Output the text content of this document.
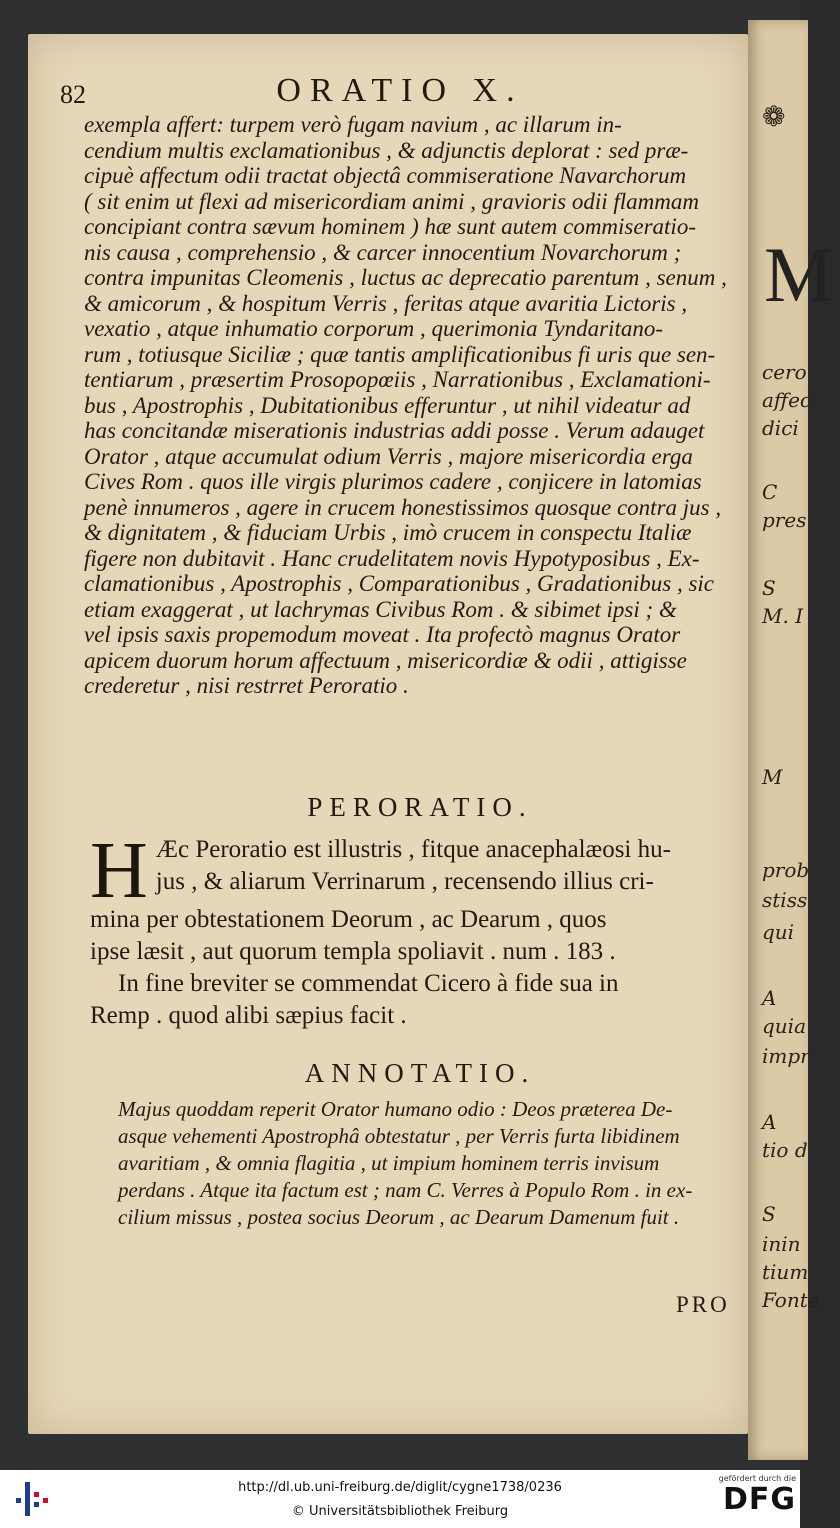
❁
M
cero
affec
dici
C
pres
S
M. I
M
prob
stiss
qui
A
quia
impr
A
tio d
S
inin
tium
Fonte
82	ORATIO X.
exempla affert: turpem verò fugam navium , ac illarum in-
cendium multis exclamationibus , & adjunctis deplorat : sed præ-
cipuè affectum odii tractat objectâ commiseratione Navarchorum
( sit enim ut flexi ad misericordiam animi , gravioris odii flammam
concipiant contra sævum hominem ) hæ sunt autem commiseratio-
nis causa , comprehensio , & carcer innocentium Novarchorum ;
contra impunitas Cleomenis , luctus ac deprecatio parentum , senum ,
& amicorum , & hospitum Verris , feritas atque avaritia Lictoris ,
vexatio , atque inhumatio corporum , querimonia Tyndaritano-
rum , totiusque Siciliæ ; quæ tantis amplificationibus fi uris que sen-
tentiarum , præsertim Prosopopœiis , Narrationibus , Exclamationi-
bus , Apostrophis , Dubitationibus efferuntur , ut nihil videatur ad
has concitandæ miserationis industrias addi posse . Verum adauget
Orator , atque accumulat odium Verris , majore misericordia erga
Cives Rom . quos ille virgis plurimos cadere , conjicere in latomias
penè innumeros , agere in crucem honestissimos quosque contra jus ,
& dignitatem , & fiduciam Urbis , imò crucem in conspectu Italiæ
figere non dubitavit . Hanc crudelitatem novis Hypotyposibus , Ex-
clamationibus , Apostrophis , Comparationibus , Gradationibus , sic
etiam exaggerat , ut lachrymas Civibus Rom . & sibimet ipsi ; &
vel ipsis saxis propemodum moveat . Ita profectò magnus Orator
apicem duorum horum affectuum , misericordiæ & odii , attigisse
crederetur , nisi restrret Peroratio .
PERORATIO.
H Æc Peroratio est illustris , fitque anacephalæosi hu-
jus , & aliarum Verrinarum , recensendo illius cri-
mina per obtestationem Deorum , ac Dearum , quos
ipse læsit , aut quorum templa spoliavit . num . 183 .
In fine breviter se commendat Cicero à fide sua in
Remp . quod alibi sæpius facit .
ANNOTATIO.
Majus quoddam reperit Orator humano odio : Deos præterea De-
asque vehementi Apostrophâ obtestatur , per Verris furta libidinem
avaritiam , & omnia flagitia , ut impium hominem terris invisum
perdans . Atque ita factum est ; nam C. Verres à Populo Rom . in ex-
cilium missus , postea socius Deorum , ac Dearum Damenum fuit .
PRO
http://dl.ub.uni-freiburg.de/diglit/cygne1738/0236
© Universitätsbibliothek Freiburg
gefördert durch die
DFG
